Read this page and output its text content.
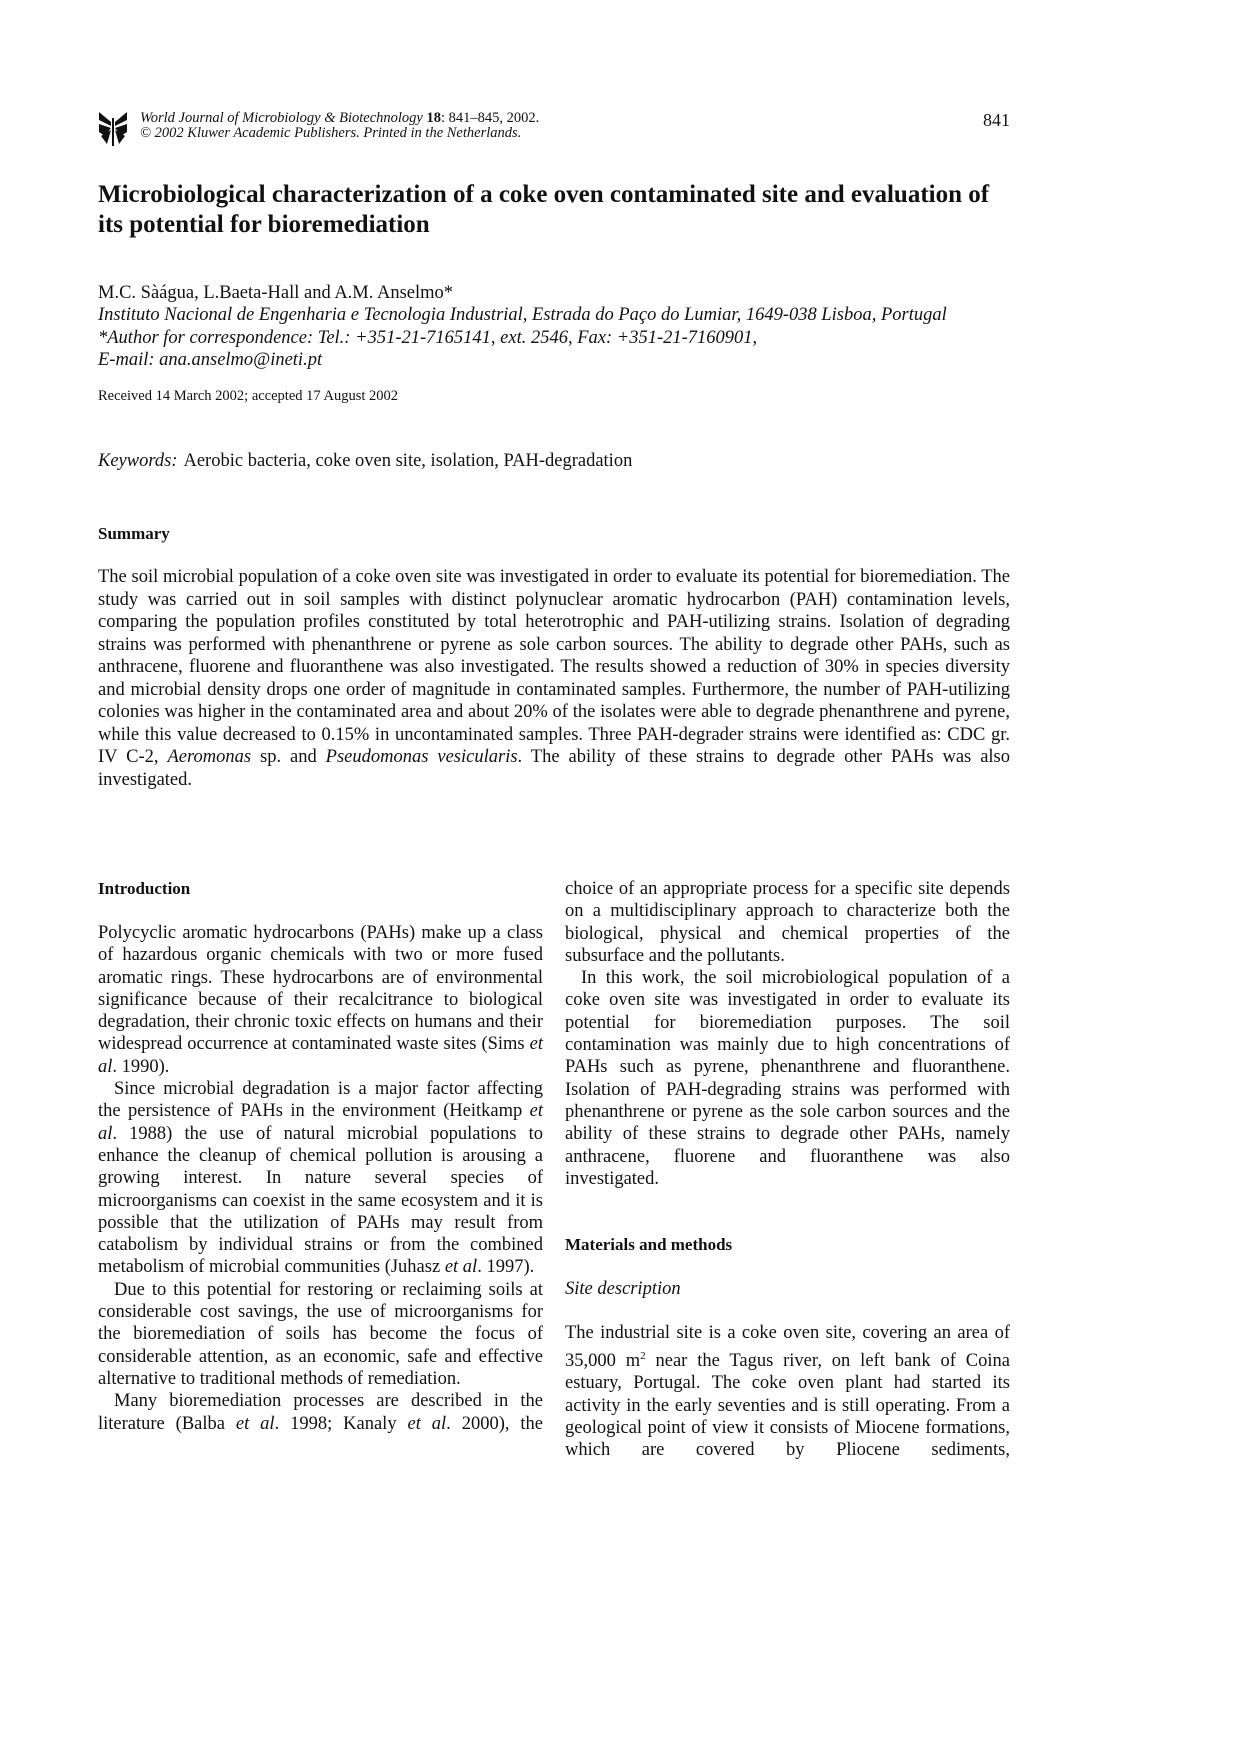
World Journal of Microbiology & Biotechnology 18: 841–845, 2002.
© 2002 Kluwer Academic Publishers. Printed in the Netherlands.
841
Microbiological characterization of a coke oven contaminated site and evaluation of its potential for bioremediation
M.C. Sàágua, L.Baeta-Hall and A.M. Anselmo*
Instituto Nacional de Engenharia e Tecnologia Industrial, Estrada do Paço do Lumiar, 1649-038 Lisboa, Portugal
*Author for correspondence: Tel.: +351-21-7165141, ext. 2546, Fax: +351-21-7160901,
E-mail: ana.anselmo@ineti.pt
Received 14 March 2002; accepted 17 August 2002
Keywords: Aerobic bacteria, coke oven site, isolation, PAH-degradation
Summary
The soil microbial population of a coke oven site was investigated in order to evaluate its potential for bioremediation. The study was carried out in soil samples with distinct polynuclear aromatic hydrocarbon (PAH) contamination levels, comparing the population profiles constituted by total heterotrophic and PAH-utilizing strains. Isolation of degrading strains was performed with phenanthrene or pyrene as sole carbon sources. The ability to degrade other PAHs, such as anthracene, fluorene and fluoranthene was also investigated. The results showed a reduction of 30% in species diversity and microbial density drops one order of magnitude in contaminated samples. Furthermore, the number of PAH-utilizing colonies was higher in the contaminated area and about 20% of the isolates were able to degrade phenanthrene and pyrene, while this value decreased to 0.15% in uncontaminated samples. Three PAH-degrader strains were identified as: CDC gr. IV C-2, Aeromonas sp. and Pseudomonas vesicularis. The ability of these strains to degrade other PAHs was also investigated.
Introduction

Polycyclic aromatic hydrocarbons (PAHs) make up a class of hazardous organic chemicals with two or more fused aromatic rings. These hydrocarbons are of environmental significance because of their recalcitrance to biological degradation, their chronic toxic effects on humans and their widespread occurrence at contaminated waste sites (Sims et al. 1990).

Since microbial degradation is a major factor affecting the persistence of PAHs in the environment (Heitkamp et al. 1988) the use of natural microbial populations to enhance the cleanup of chemical pollution is arousing a growing interest. In nature several species of microorganisms can coexist in the same ecosystem and it is possible that the utilization of PAHs may result from catabolism by individual strains or from the combined metabolism of microbial communities (Juhasz et al. 1997).

Due to this potential for restoring or reclaiming soils at considerable cost savings, the use of microorganisms for the bioremediation of soils has become the focus of considerable attention, as an economic, safe and effective alternative to traditional methods of remediation.

Many bioremediation processes are described in the literature (Balba et al. 1998; Kanaly et al. 2000), the

choice of an appropriate process for a specific site depends on a multidisciplinary approach to characterize both the biological, physical and chemical properties of the subsurface and the pollutants.

In this work, the soil microbiological population of a coke oven site was investigated in order to evaluate its potential for bioremediation purposes. The soil contamination was mainly due to high concentrations of PAHs such as pyrene, phenanthrene and fluoranthene. Isolation of PAH-degrading strains was performed with phenanthrene or pyrene as the sole carbon sources and the ability of these strains to degrade other PAHs, namely anthracene, fluorene and fluoranthene was also investigated.

Materials and methods
Site description

The industrial site is a coke oven site, covering an area of 35,000 $m^2$ near the Tagus river, on left bank of Coina estuary, Portugal. The coke oven plant had started its activity in the early seventies and is still operating. From a geological point of view it consists of Miocene formations, which are covered by Pliocene sediments,
